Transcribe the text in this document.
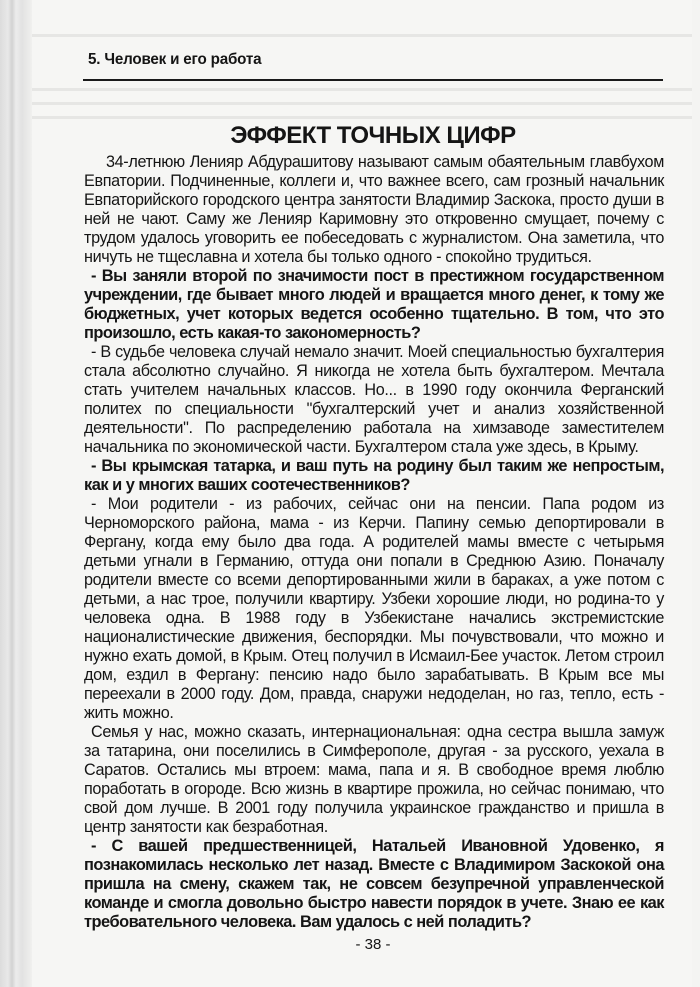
5. Человек и его работа
ЭФФЕКТ ТОЧНЫХ ЦИФР

34-летнюю Лeнияр Абдурашитову называют самым обаятельным главбухом Евпатории. Подчиненные, коллеги и, что важнее всего, сам грозный начальник Евпаторийского городского центра занятости Владимир Заскока, просто души в ней не чают. Саму же Ленияр Каримовну это откровенно смущает, почему с трудом удалось уговорить ее побеседовать с журналистом. Она заметила, что ничуть не тщеславна и хотела бы только одного - спокойно трудиться.

- Вы заняли второй по значимости пост в престижном государственном учреждении, где бывает много людей и вращается много денег, к тому же бюджетных, учет которых ведется особенно тщательно. В том, что это произошло, есть какая-то закономерность?

- В судьбе человека случай немало значит. Моей специальностью бухгалтерия стала абсолютно случайно. Я никогда не хотела быть бухгалтером. Мечтала стать учителем начальных классов. Но... в 1990 году окончила Ферганский политех по специальности "бухгалтерский учет и анализ хозяйственной деятельности". По распределению работала на химзаводе заместителем начальника по экономической части. Бухгалтером стала уже здесь, в Крыму.

- Вы крымская татарка, и ваш путь на родину был таким же непростым, как и у многих ваших соотечественников?

- Мои родители - из рабочих, сейчас они на пенсии. Папа родом из Черноморского района, мама - из Керчи. Папину семью депортировали в Фергану, когда ему было два года. А родителей мамы вместе с четырьмя детьми угнали в Германию, оттуда они попали в Среднюю Азию. Поначалу родители вместе со всеми депортированными жили в бараках, а уже потом с детьми, а нас трое, получили квартиру. Узбеки хорошие люди, но родина-то у человека одна. В 1988 году в Узбекистане начались экстремистские националистические движения, беспорядки. Мы почувствовали, что можно и нужно ехать домой, в Крым. Отец получил в Исмаил-Бее участок. Летом строил дом, ездил в Фергану: пенсию надо было зарабатывать. В Крым все мы переехали в 2000 году. Дом, правда, снаружи недоделан, но газ, тепло, есть - жить можно.

Семья у нас, можно сказать, интернациональная: одна сестра вышла замуж за татарина, они поселились в Симферополе, другая - за русского, уехала в Саратов. Остались мы втроем: мама, папа и я. В свободное время люблю поработать в огороде. Всю жизнь в квартире прожила, но сейчас понимаю, что свой дом лучше. В 2001 году получила украинское гражданство и пришла в центр занятости как безработная.

- С вашей предшественницей, Натальей Ивановной Удовенко, я познакомилась несколько лет назад. Вместе с Владимиром Заскокой она пришла на смену, скажем так, не совсем безупречной управленческой команде и смогла довольно быстро навести порядок в учете. Знаю ее как требовательного человека. Вам удалось с ней поладить?

- 38 -
